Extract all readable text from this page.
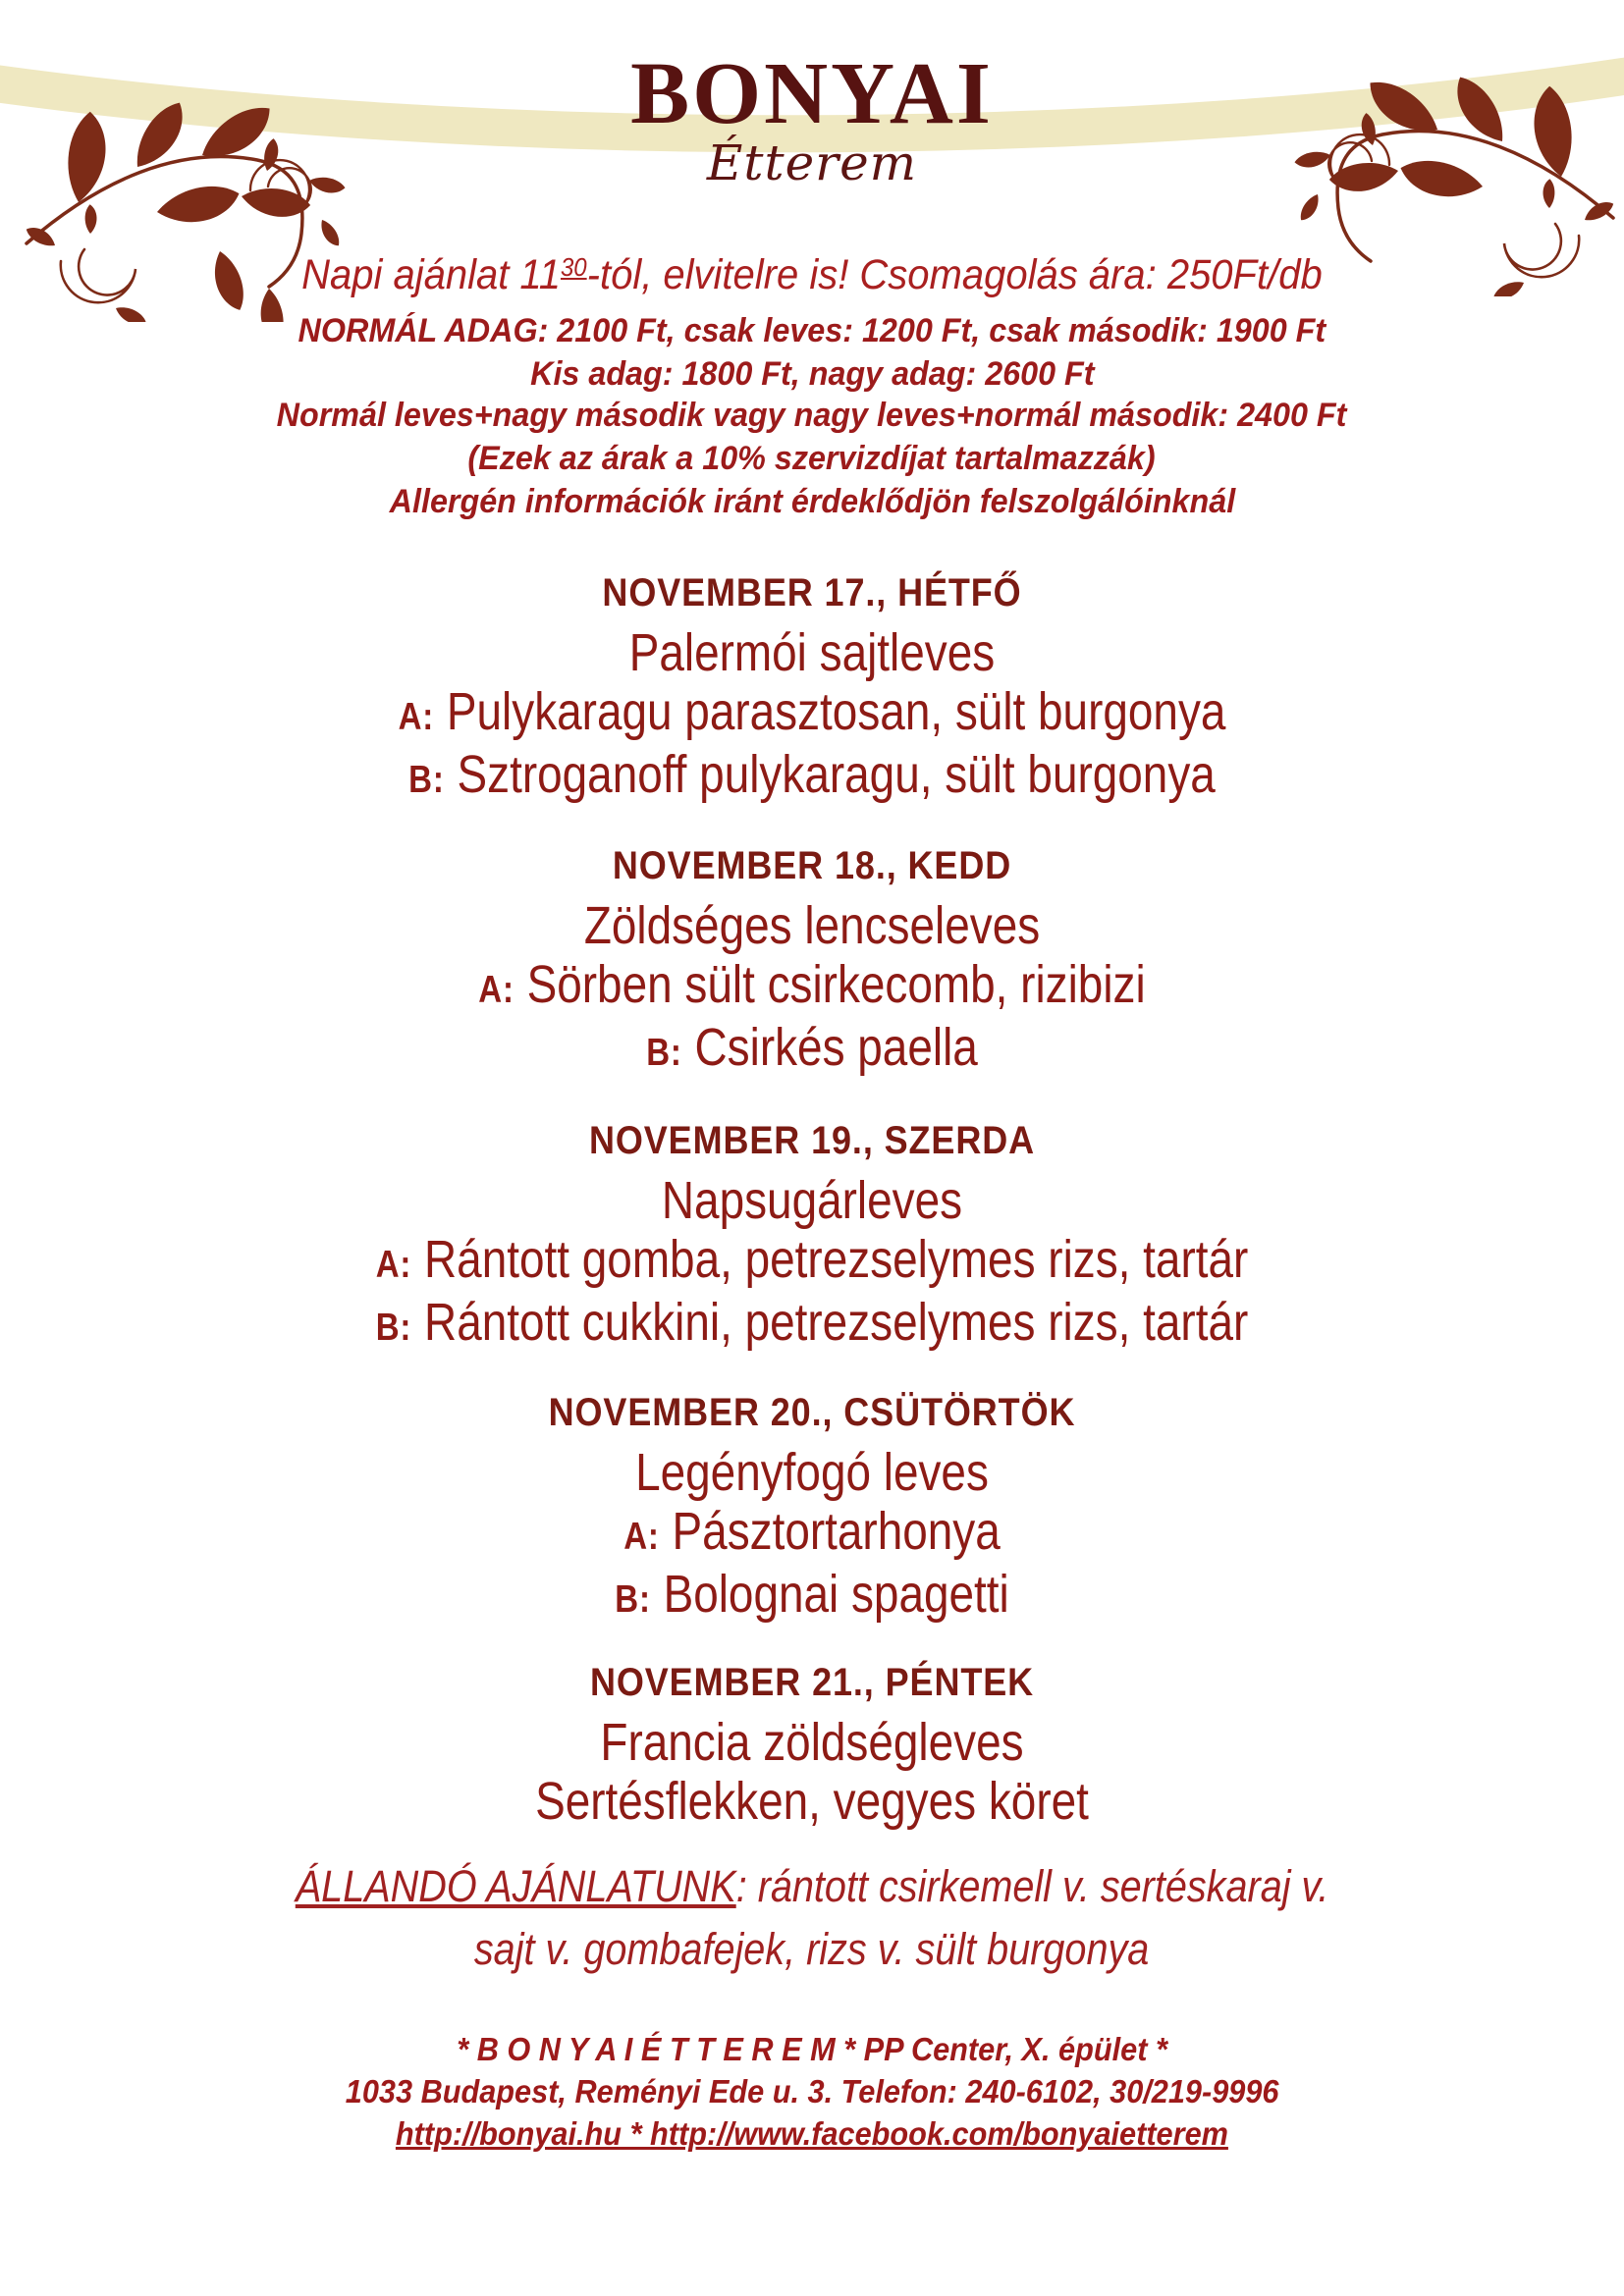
BONYAI
Étterem
Napi ajánlat $11^{30}$-tól, elvitelre is! Csomagolás ára: 250Ft/db
NORMÁL ADAG: 2100 Ft, csak leves: 1200 Ft, csak második: 1900 Ft
Kis adag: 1800 Ft, nagy adag: 2600 Ft
Normál leves+nagy második vagy nagy leves+normál második: 2400 Ft
(Ezek az árak a 10% szervizdíjat tartalmazzák)
Allergén információk iránt érdeklődjön felszolgálóinknál
NOVEMBER 17., HÉTFŐ
Palermói sajtleves
A: Pulykaragu parasztosan, sült burgonya
B: Sztroganoff pulykaragu, sült burgonya
NOVEMBER 18., KEDD
Zöldséges lencseleves
A: Sörben sült csirkecomb, rizibizi
B: Csirkés paella
NOVEMBER 19., SZERDA
Napsugárleves
A: Rántott gomba, petrezselymes rizs, tartár
B: Rántott cukkini, petrezselymes rizs, tartár
NOVEMBER 20., CSÜTÖRTÖK
Legényfogó leves
A: Pásztortarhonya
B: Bolognai spagetti
NOVEMBER 21., PÉNTEK
Francia zöldségleves
Sertésflekken, vegyes köret
ÁLLANDÓ AJÁNLATUNK: rántott csirkemell v. sertéskaraj v.
sajt v. gombafejek, rizs v. sült burgonya
* B O N Y A I É T T E R E M * PP Center, X. épület *
1033 Budapest, Reményi Ede u. 3. Telefon: 240-6102, 30/219-9996
http://bonyai.hu * http://www.facebook.com/bonyaietterem
